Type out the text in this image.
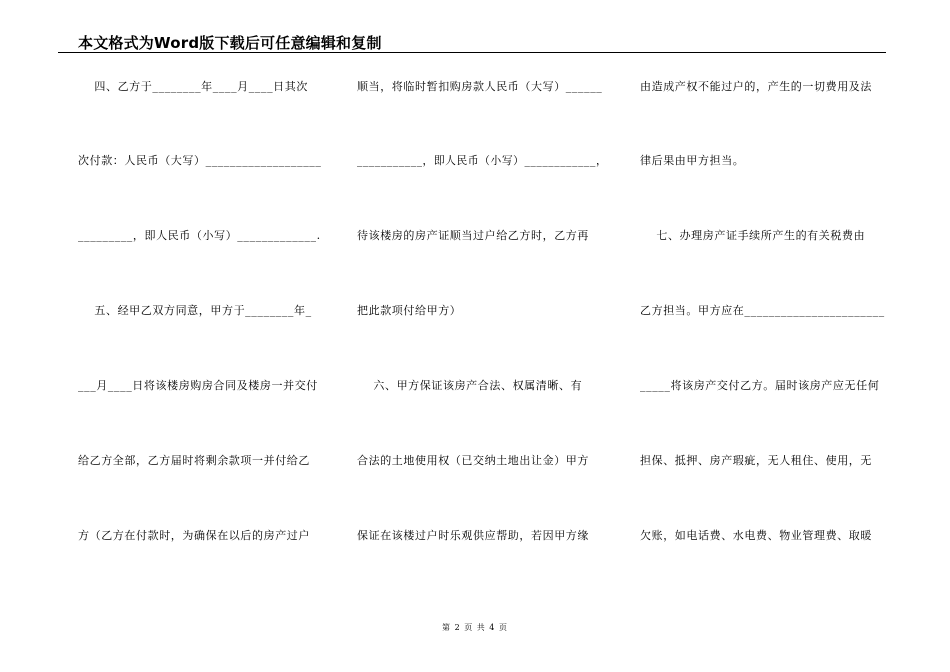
本文格式为Word版下载后可任意编辑和复制
四、乙方于________年____月____日其次
次付款：人民币（大写）___________________
_________，即人民币（小写）_____________.
五、经甲乙双方同意，甲方于________年_
___月____日将该楼房购房合同及楼房一并交付
给乙方全部，乙方届时将剩余款项一并付给乙
方（乙方在付款时，为确保在以后的房产过户
顺当，将临时暂扣购房款人民币（大写）______
___________，即人民币（小写）____________，
待该楼房的房产证顺当过户给乙方时，乙方再
把此款项付给甲方）
六、甲方保证该房产合法、权属清晰、有
合法的土地使用权（已交纳土地出让金）甲方
保证在该楼过户时乐观供应帮助，若因甲方缘
由造成产权不能过户的，产生的一切费用及法
律后果由甲方担当。
七、办理房产证手续所产生的有关税费由
乙方担当。甲方应在_______________________
_____将该房产交付乙方。届时该房产应无任何
担保、抵押、房产瑕疵，无人租住、使用，无
欠账，如电话费、水电费、物业管理费、取暖
第 2 页 共 4 页
